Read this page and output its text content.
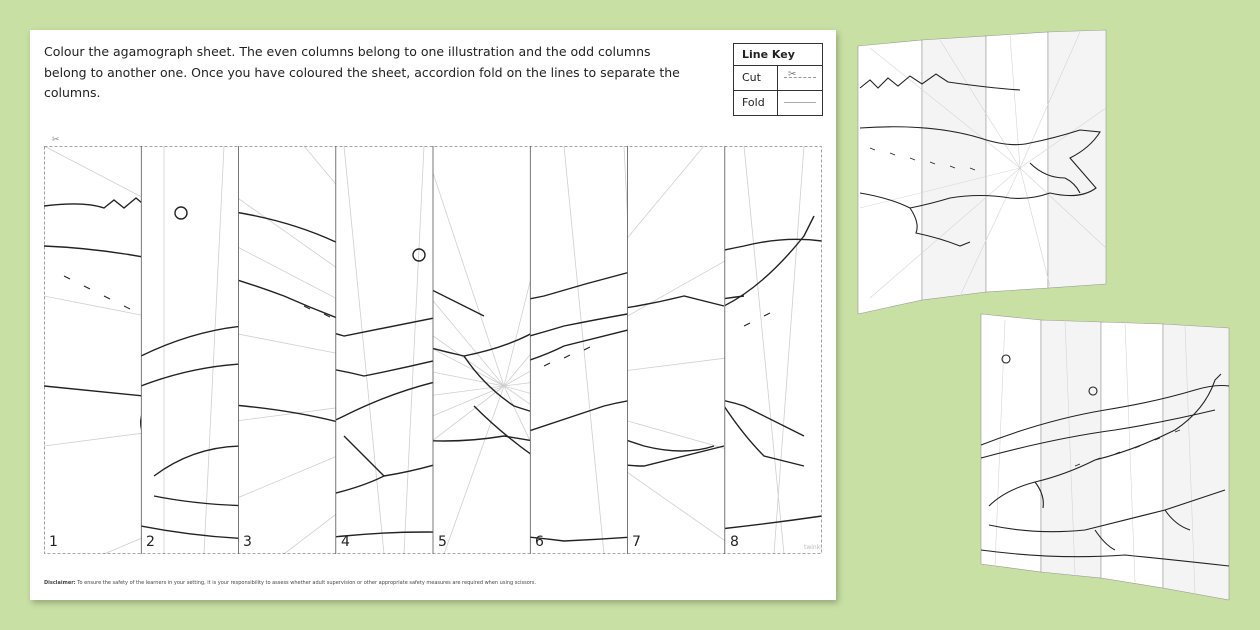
Colour the agamograph sheet. The even columns belong to one illustration and the odd columns belong to another one. Once you have coloured the sheet, accordion fold on the lines to separate the columns.

Line Key
Cut	✂
Fold
✂
1	2	3	4	5	6	7	8	twinkl
Disclaimer: To ensure the safety of the learners in your setting, it is your responsibility to assess whether adult supervision or other appropriate safety measures are required when using scissors.
